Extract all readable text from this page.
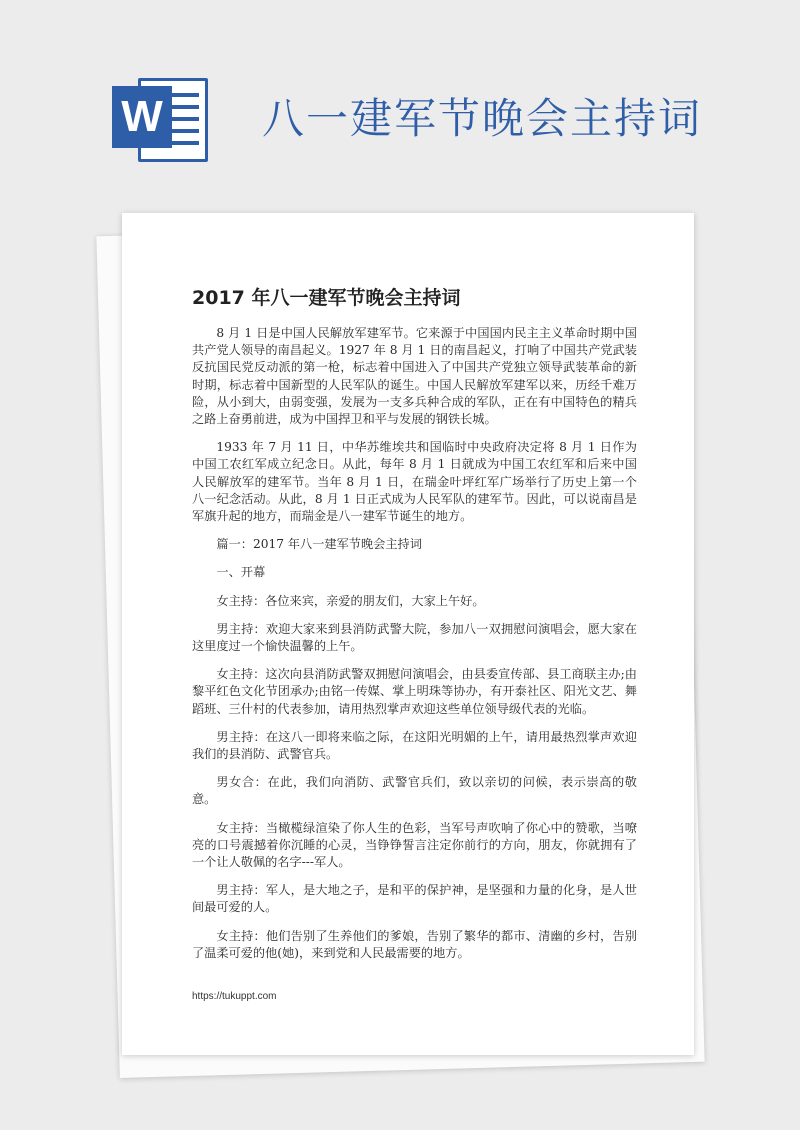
W 八一建军节晚会主持词
2017 年八一建军节晚会主持词

8 月 1 日是中国人民解放军建军节。它来源于中国国内民主主义革命时期中国共产党人领导的南昌起义。1927 年 8 月 1 日的南昌起义，打响了中国共产党武装反抗国民党反动派的第一枪，标志着中国进入了中国共产党独立领导武装革命的新时期，标志着中国新型的人民军队的诞生。中国人民解放军建军以来，历经千难万险，从小到大，由弱变强，发展为一支多兵种合成的军队，正在有中国特色的精兵之路上奋勇前进，成为中国捍卫和平与发展的钢铁长城。

1933 年 7 月 11 日，中华苏维埃共和国临时中央政府决定将 8 月 1 日作为中国工农红军成立纪念日。从此，每年 8 月 1 日就成为中国工农红军和后来中国人民解放军的建军节。当年 8 月 1 日，在瑞金叶坪红军广场举行了历史上第一个八一纪念活动。从此，8 月 1 日正式成为人民军队的建军节。因此，可以说南昌是军旗升起的地方，而瑞金是八一建军节诞生的地方。

篇一：2017 年八一建军节晚会主持词

一、开幕

女主持：各位来宾，亲爱的朋友们，大家上午好。

男主持：欢迎大家来到县消防武警大院，参加八一双拥慰问演唱会，愿大家在这里度过一个愉快温馨的上午。

女主持：这次向县消防武警双拥慰问演唱会，由县委宣传部、县工商联主办;由黎平红色文化节团承办;由铭一传媒、掌上明珠等协办，有开泰社区、阳光文艺、舞蹈班、三什村的代表参加，请用热烈掌声欢迎这些单位领导级代表的光临。

男主持：在这八一即将来临之际，在这阳光明媚的上午，请用最热烈掌声欢迎我们的县消防、武警官兵。

男女合：在此，我们向消防、武警官兵们，致以亲切的问候，表示崇高的敬意。

女主持：当橄榄绿渲染了你人生的色彩，当军号声吹响了你心中的赞歌，当嘹亮的口号震撼着你沉睡的心灵，当铮铮誓言注定你前行的方向，朋友，你就拥有了一个让人敬佩的名字---军人。

男主持：军人，是大地之子，是和平的保护神，是坚强和力量的化身，是人世间最可爱的人。

女主持：他们告别了生养他们的爹娘，告别了繁华的都市、清幽的乡村，告别了温柔可爱的他(她)，来到党和人民最需要的地方。

https://tukuppt.com
